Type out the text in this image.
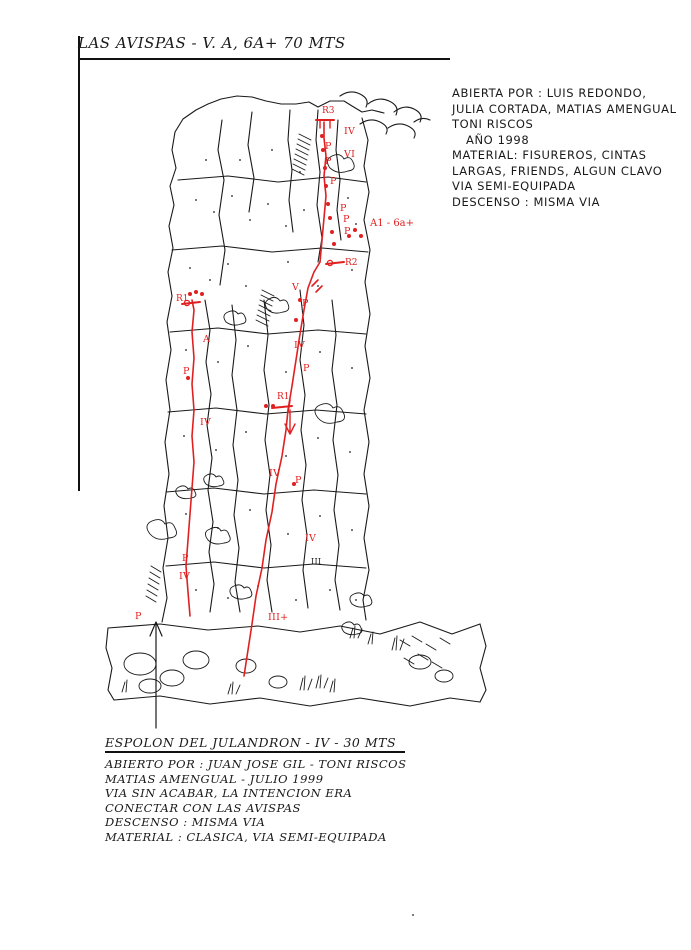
LAS AVISPAS - V. A, 6A+ 70 MTS
ABIERTA POR : LUIS REDONDO,
JULIA CORTADA, MATIAS AMENGUAL
TONI RISCOS
AÑO 1998
MATERIAL: FISUREROS, CINTAS
LARGAS, FRIENDS, ALGUN CLAVO
VIA SEMI-EQUIPADA
DESCENSO : MISMA VIA
R3
R2
R1
R1
A1 - 6a+
IV
P
VI
P
P
P
P
P
V
P
A
IV
P	P
IV
IV
P
IV
III
P
IV
III+
P
ESPOLON DEL JULANDRON - IV - 30 MTS
ABIERTO POR : JUAN JOSE GIL - TONI RISCOS
MATIAS AMENGUAL - JULIO 1999
VIA SIN ACABAR, LA INTENCION ERA
CONECTAR CON LAS AVISPAS
DESCENSO : MISMA VIA
MATERIAL : CLASICA, VIA SEMI-EQUIPADA
